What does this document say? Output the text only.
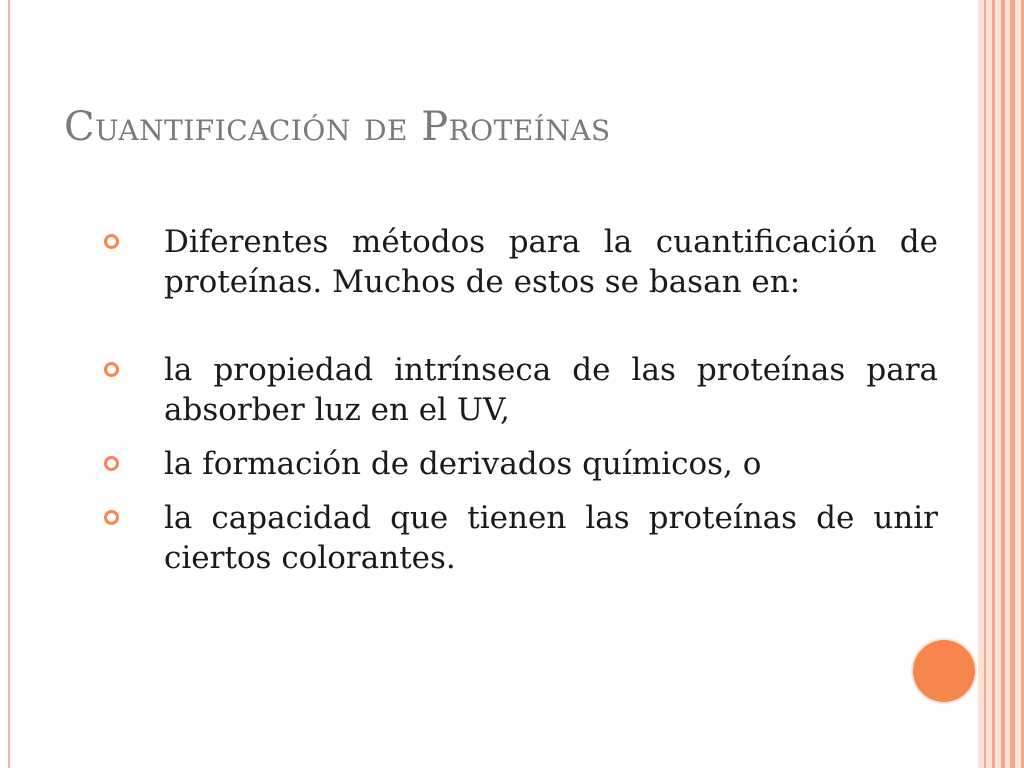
Cuantificación de Proteínas
Diferentes métodos para la cuantificación de proteínas. Muchos de estos se basan en:
la propiedad intrínseca de las proteínas para absorber luz en el UV,
la formación de derivados químicos, o
la capacidad que tienen las proteínas de unir ciertos colorantes.
